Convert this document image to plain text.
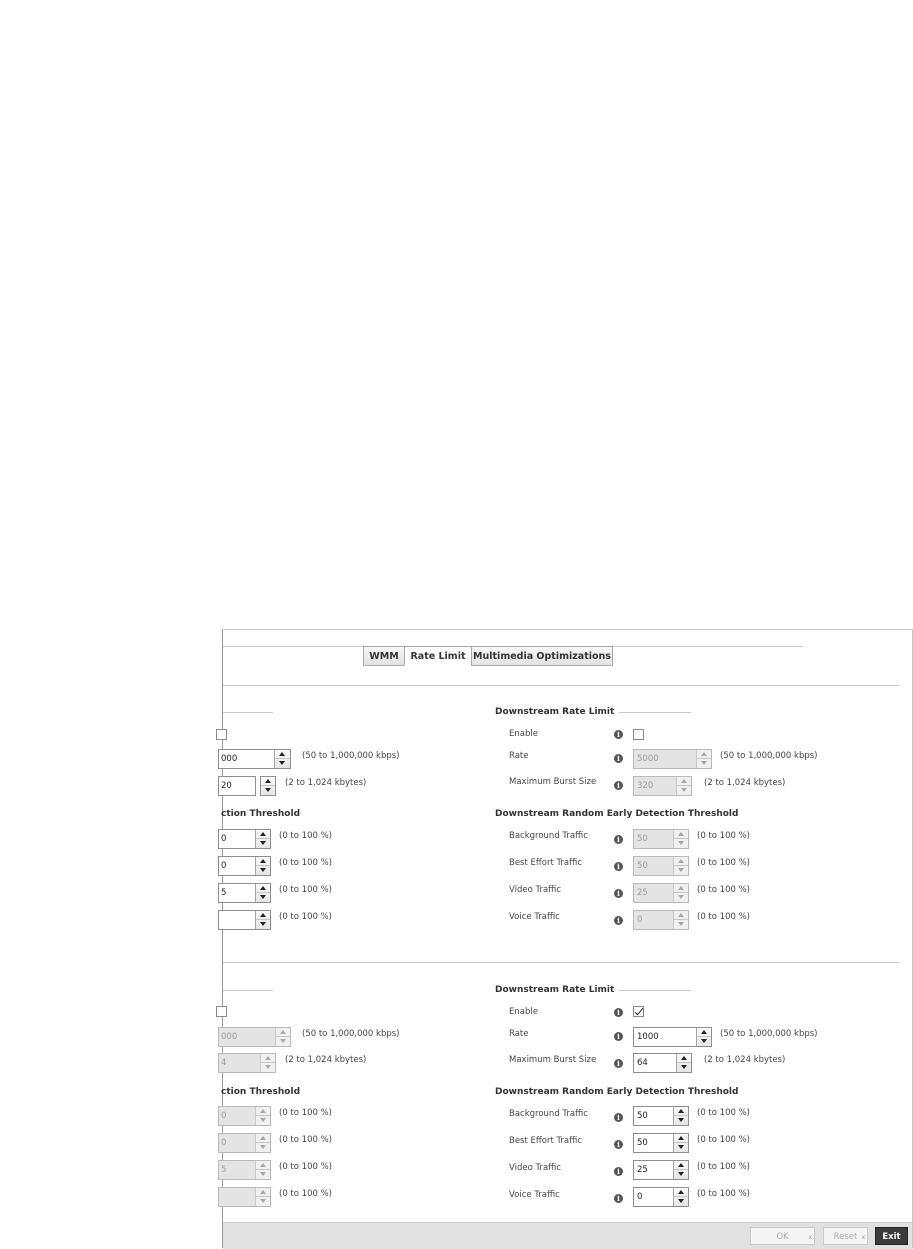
WMM	Rate Limit Multimedia Optimizations
000	(50 to 1,000,000 kbps)
20	(2 to 1,024 kbytes)
ction Threshold
0	(0 to 100 %)
0	(0 to 100 %)
5	(0 to 100 %)
(0 to 100 %)
Downstream Rate Limit
Enable	i
Rate	i	5000	(50 to 1,000,000 kbps)
Maximum Burst Size	i	320	(2 to 1,024 kbytes)
Downstream Random Early Detection Threshold
Background Traffic	i	50	(0 to 100 %)
Best Effort Traffic	i	50	(0 to 100 %)
Video Traffic	i	25	(0 to 100 %)
Voice Traffic	i	0	(0 to 100 %)
000	(50 to 1,000,000 kbps)
4	(2 to 1,024 kbytes)
ction Threshold
0	(0 to 100 %)
0	(0 to 100 %)
5	(0 to 100 %)
(0 to 100 %)
Downstream Rate Limit
Enable	i
Rate	i	1000	(50 to 1,000,000 kbps)
Maximum Burst Size	i	64	(2 to 1,024 kbytes)
Downstream Random Early Detection Threshold
Background Traffic	i	50	(0 to 100 %)
Best Effort Traffic	i	50	(0 to 100 %)
Video Traffic	i	25	(0 to 100 %)
Voice Traffic	i	0	(0 to 100 %)
OK	x	Reset x	Exit
